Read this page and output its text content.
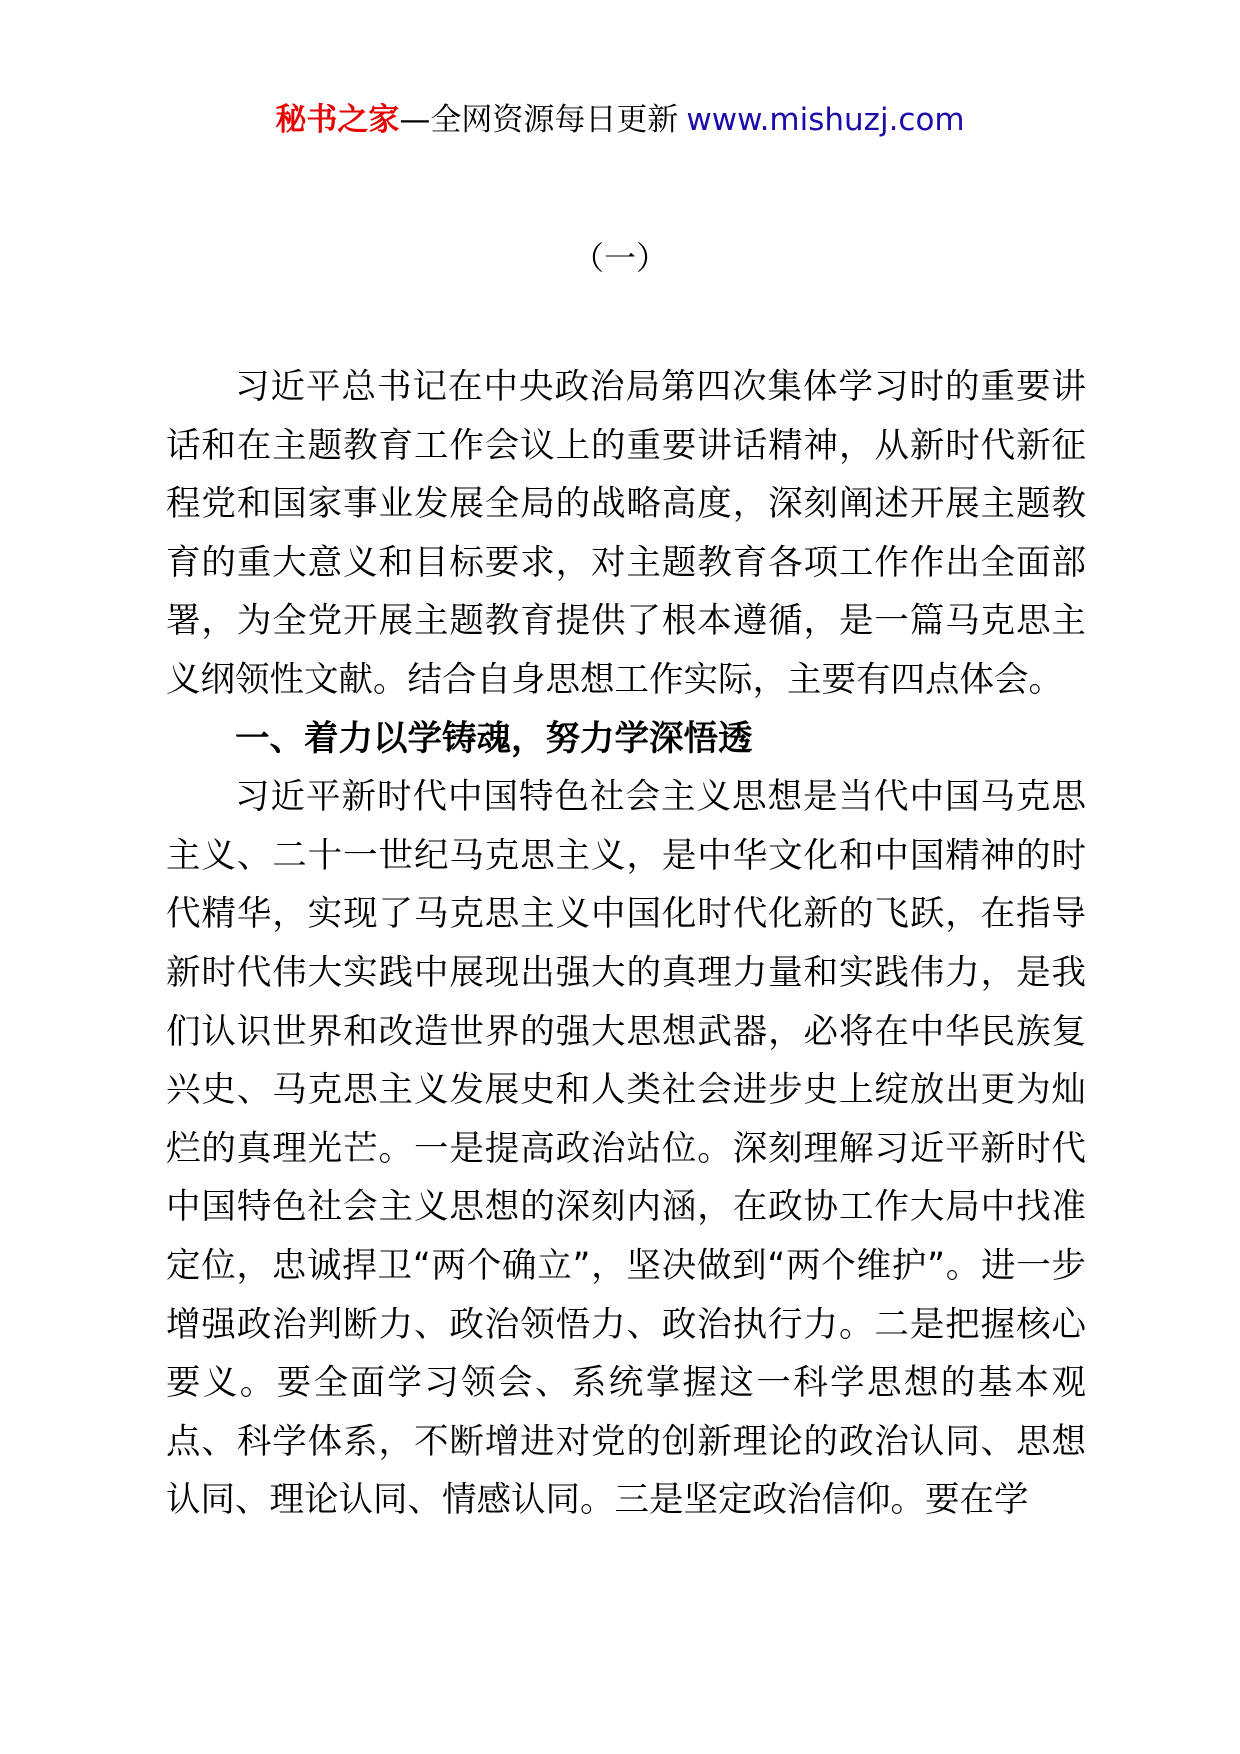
秘书之家—全网资源每日更新 www.mishuzj.com
（一）

习近平总书记在中央政治局第四次集体学习时的重要讲话和在主题教育工作会议上的重要讲话精神，从新时代新征程党和国家事业发展全局的战略高度，深刻阐述开展主题教育的重大意义和目标要求，对主题教育各项工作作出全面部署，为全党开展主题教育提供了根本遵循，是一篇马克思主义纲领性文献。结合自身思想工作实际，主要有四点体会。

一、着力以学铸魂，努力学深悟透

习近平新时代中国特色社会主义思想是当代中国马克思主义、二十一世纪马克思主义，是中华文化和中国精神的时代精华，实现了马克思主义中国化时代化新的飞跃，在指导新时代伟大实践中展现出强大的真理力量和实践伟力，是我们认识世界和改造世界的强大思想武器，必将在中华民族复兴史、马克思主义发展史和人类社会进步史上绽放出更为灿烂的真理光芒。一是提高政治站位。深刻理解习近平新时代中国特色社会主义思想的深刻内涵，在政协工作大局中找准定位，忠诚捍卫“两个确立”，坚决做到“两个维护”。进一步增强政治判断力、政治领悟力、政治执行力。二是把握核心要义。要全面学习领会、系统掌握这一科学思想的基本观点、科学体系，不断增进对党的创新理论的政治认同、思想认同、理论认同、情感认同。三是坚定政治信仰。要在学
